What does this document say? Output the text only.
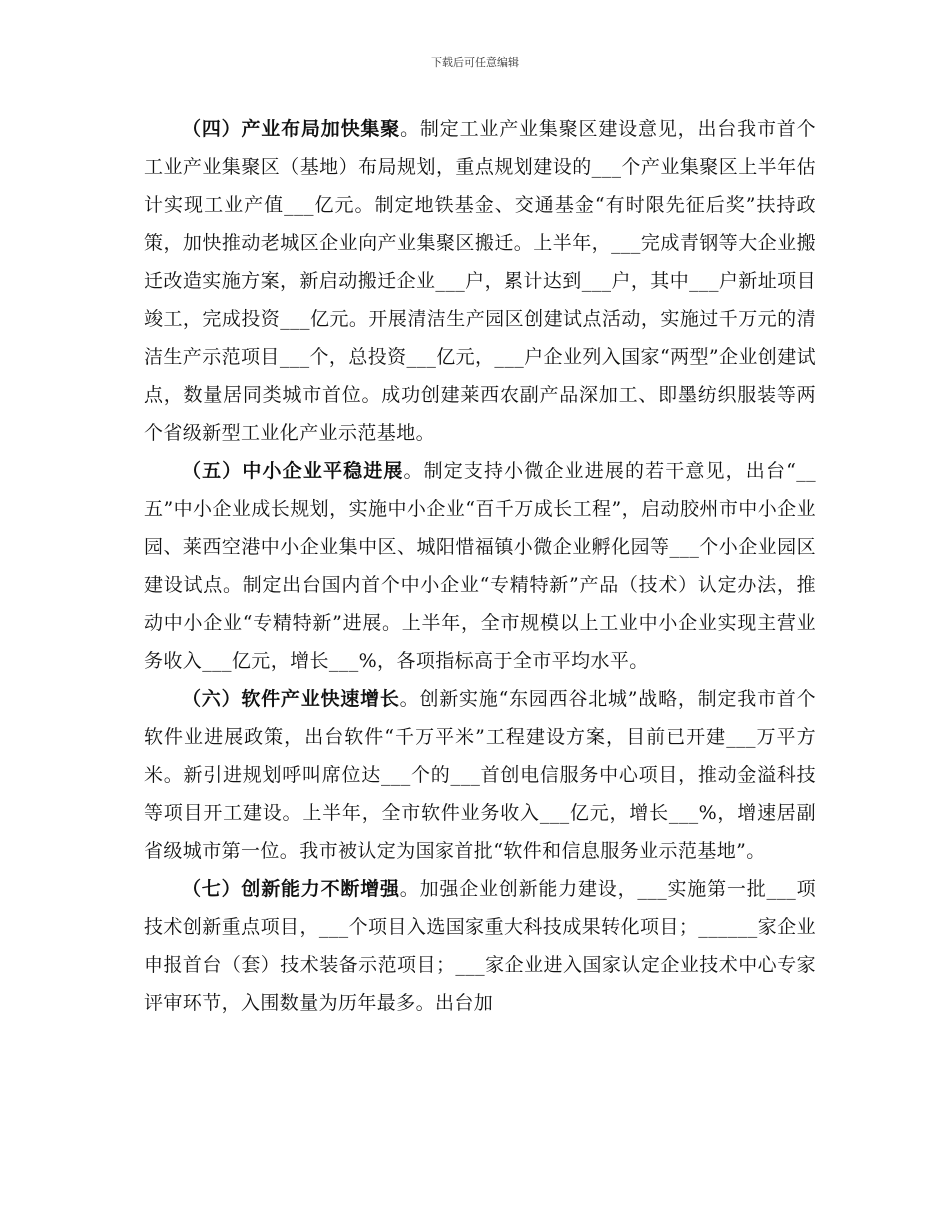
下载后可任意编辑

（四）产业布局加快集聚。制定工业产业集聚区建设意见，出台我市首个工业产业集聚区（基地）布局规划，重点规划建设的___个产业集聚区上半年估计实现工业产值___亿元。制定地铁基金、交通基金“有时限先征后奖”扶持政策，加快推动老城区企业向产业集聚区搬迁。上半年，___完成青钢等大企业搬迁改造实施方案，新启动搬迁企业___户，累计达到___户，其中___户新址项目竣工，完成投资___亿元。开展清洁生产园区创建试点活动，实施过千万元的清洁生产示范项目___个，总投资___亿元，___户企业列入国家“两型”企业创建试点，数量居同类城市首位。成功创建莱西农副产品深加工、即墨纺织服装等两个省级新型工业化产业示范基地。

（五）中小企业平稳进展。制定支持小微企业进展的若干意见，出台“__五”中小企业成长规划，实施中小企业“百千万成长工程”，启动胶州市中小企业园、莱西空港中小企业集中区、城阳惜福镇小微企业孵化园等___个小企业园区建设试点。制定出台国内首个中小企业“专精特新”产品（技术）认定办法，推动中小企业“专精特新”进展。上半年，全市规模以上工业中小企业实现主营业务收入___亿元，增长___%，各项指标高于全市平均水平。

（六）软件产业快速增长。创新实施“东园西谷北城”战略，制定我市首个软件业进展政策，出台软件“千万平米”工程建设方案，目前已开建___万平方米。新引进规划呼叫席位达___个的___首创电信服务中心项目，推动金溢科技等项目开工建设。上半年，全市软件业务收入___亿元，增长___%，增速居副省级城市第一位。我市被认定为国家首批“软件和信息服务业示范基地”。

（七）创新能力不断增强。加强企业创新能力建设，___实施第一批___项技术创新重点项目，___个项目入选国家重大科技成果转化项目；______家企业申报首台（套）技术装备示范项目；___家企业进入国家认定企业技术中心专家评审环节，入围数量为历年最多。出台加
